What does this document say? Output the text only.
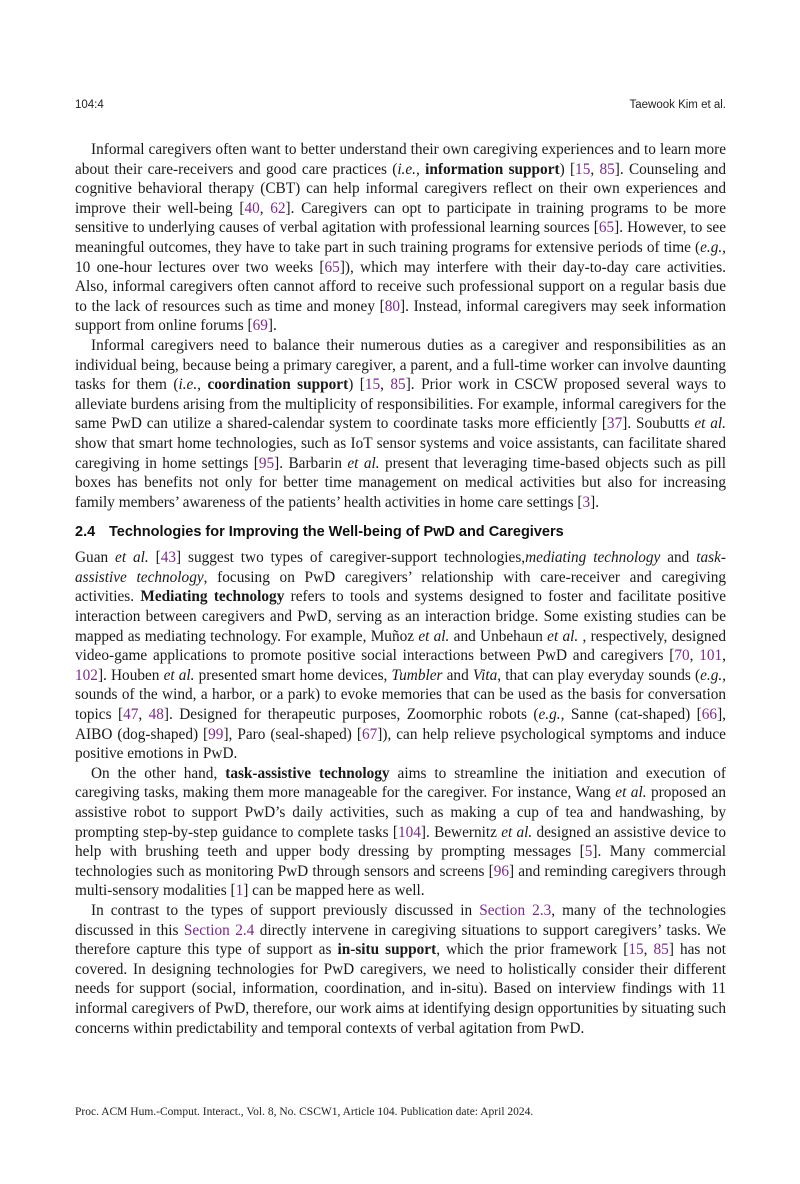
104:4	Taewook Kim et al.

Informal caregivers often want to better understand their own caregiving experiences and to learn more about their care-receivers and good care practices (i.e., information support) [15, 85]. Counseling and cognitive behavioral therapy (CBT) can help informal caregivers reflect on their own experiences and improve their well-being [40, 62]. Caregivers can opt to participate in training programs to be more sensitive to underlying causes of verbal agitation with professional learning sources [65]. However, to see meaningful outcomes, they have to take part in such training programs for extensive periods of time (e.g., 10 one-hour lectures over two weeks [65]), which may interfere with their day-to-day care activities. Also, informal caregivers often cannot afford to receive such professional support on a regular basis due to the lack of resources such as time and money [80]. Instead, informal caregivers may seek information support from online forums [69].

Informal caregivers need to balance their numerous duties as a caregiver and responsibilities as an individual being, because being a primary caregiver, a parent, and a full-time worker can involve daunting tasks for them (i.e., coordination support) [15, 85]. Prior work in CSCW proposed several ways to alleviate burdens arising from the multiplicity of responsibilities. For example, informal caregivers for the same PwD can utilize a shared-calendar system to coordinate tasks more efficiently [37]. Soubutts et al. show that smart home technologies, such as IoT sensor systems and voice assistants, can facilitate shared caregiving in home settings [95]. Barbarin et al. present that leveraging time-based objects such as pill boxes has benefits not only for better time management on medical activities but also for increasing family members’ awareness of the patients’ health activities in home care settings [3].

2.4 Technologies for Improving the Well-being of PwD and Caregivers

Guan et al. [43] suggest two types of caregiver-support technologies,mediating technology and task-assistive technology, focusing on PwD caregivers’ relationship with care-receiver and caregiving activities. Mediating technology refers to tools and systems designed to foster and facilitate positive interaction between caregivers and PwD, serving as an interaction bridge. Some existing studies can be mapped as mediating technology. For example, Muñoz et al. and Unbehaun et al. , respectively, designed video-game applications to promote positive social interactions between PwD and caregivers [70, 101, 102]. Houben et al. presented smart home devices, Tumbler and Vita, that can play everyday sounds (e.g., sounds of the wind, a harbor, or a park) to evoke memories that can be used as the basis for conversation topics [47, 48]. Designed for therapeutic purposes, Zoomorphic robots (e.g., Sanne (cat-shaped) [66], AIBO (dog-shaped) [99], Paro (seal-shaped) [67]), can help relieve psychological symptoms and induce positive emotions in PwD.

On the other hand, task-assistive technology aims to streamline the initiation and execution of caregiving tasks, making them more manageable for the caregiver. For instance, Wang et al. proposed an assistive robot to support PwD’s daily activities, such as making a cup of tea and handwashing, by prompting step-by-step guidance to complete tasks [104]. Bewernitz et al. designed an assistive device to help with brushing teeth and upper body dressing by prompting messages [5]. Many commercial technologies such as monitoring PwD through sensors and screens [96] and reminding caregivers through multi-sensory modalities [1] can be mapped here as well.

In contrast to the types of support previously discussed in Section 2.3, many of the technologies discussed in this Section 2.4 directly intervene in caregiving situations to support caregivers’ tasks. We therefore capture this type of support as in-situ support, which the prior framework [15, 85] has not covered. In designing technologies for PwD caregivers, we need to holistically consider their different needs for support (social, information, coordination, and in-situ). Based on interview findings with 11 informal caregivers of PwD, therefore, our work aims at identifying design opportunities by situating such concerns within predictability and temporal contexts of verbal agitation from PwD.

Proc. ACM Hum.-Comput. Interact., Vol. 8, No. CSCW1, Article 104. Publication date: April 2024.
